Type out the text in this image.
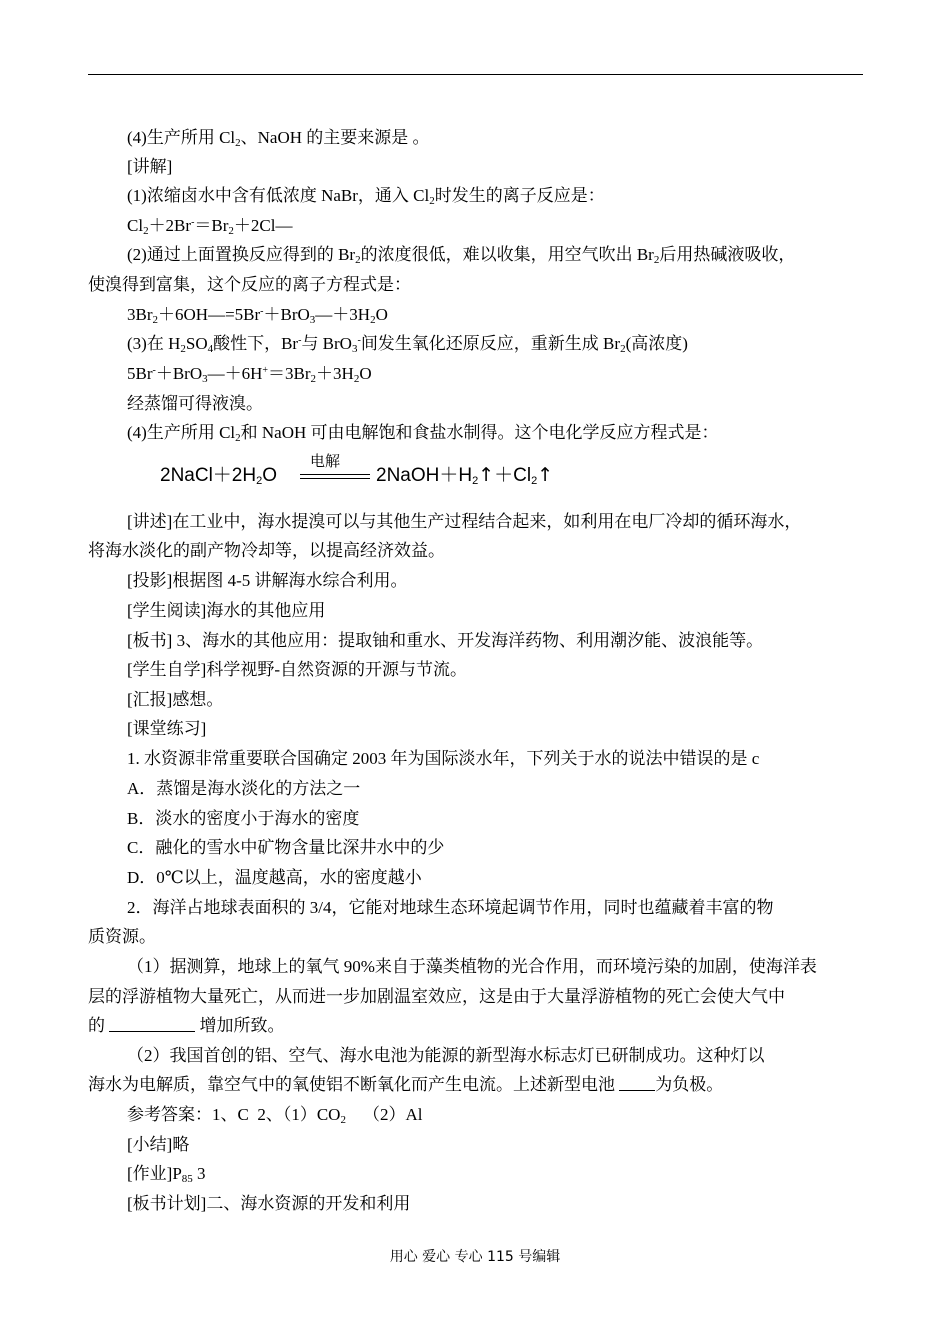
(4)生产所用 $Cl_2$、NaOH 的主要来源是 。
[讲解]
(1)浓缩卤水中含有低浓度 NaBr，通入 $Cl_2$时发生的离子反应是：
$Cl_2+2Br^-=Br_2+2Cl—$
(2)通过上面置换反应得到的 $Br_2$的浓度很低，难以收集，用空气吹出 $Br_2$后用热碱液吸收，
使溴得到富集，这个反应的离子方程式是：
$3Br_2+6OH—=5Br^-+BrO_3—+3H_2O$
(3)在 $H_2SO_4$酸性下，Br-与 BrO$_3$-间发生氧化还原反应，重新生成 $Br_2$(高浓度)
$5Br^-+BrO_3—+6H^+=3Br_2+3H_2O$
经蒸馏可得液溴。
(4)生产所用 $Cl_2$和 NaOH 可由电解饱和食盐水制得。这个电化学反应方程式是：
$2NaCl+2H_2O$
电解
$2NaOH+H_2↑+Cl_2↑$
[讲述]在工业中，海水提溴可以与其他生产过程结合起来，如利用在电厂冷却的循环海水，
将海水淡化的副产物冷却等，以提高经济效益。
[投影]根据图 4-5 讲解海水综合利用。
[学生阅读]海水的其他应用
[板书] 3、海水的其他应用：提取铀和重水、开发海洋药物、利用潮汐能、波浪能等。
[学生自学]科学视野-自然资源的开源与节流。
[汇报]感想。
[课堂练习]
1. 水资源非常重要联合国确定 2003 年为国际淡水年，下列关于水的说法中错误的是 c
A．蒸馏是海水淡化的方法之一
B．淡水的密度小于海水的密度
C．融化的雪水中矿物含量比深井水中的少
D．0℃以上，温度越高，水的密度越小
2．海洋占地球表面积的 3/4，它能对地球生态环境起调节作用，同时也蕴藏着丰富的物
质资源。
（1）据测算，地球上的氧气 90%来自于藻类植物的光合作用，而环境污染的加剧，使海洋表
层的浮游植物大量死亡，从而进一步加剧温室效应，这是由于大量浮游植物的死亡会使大气中
的	增加所致。
（2）我国首创的铝、空气、海水电池为能源的新型海水标志灯已研制成功。这种灯以
海水为电解质，靠空气中的氧使铝不断氧化而产生电流。上述新型电池 为负极。
参考答案：1、C  2、$(1)CO_2$    （2）Al
[小结]略
[作业]$P_{85}$ 3
[板书计划]二、海水资源的开发和利用
用心 爱心 专心 115 号编辑
